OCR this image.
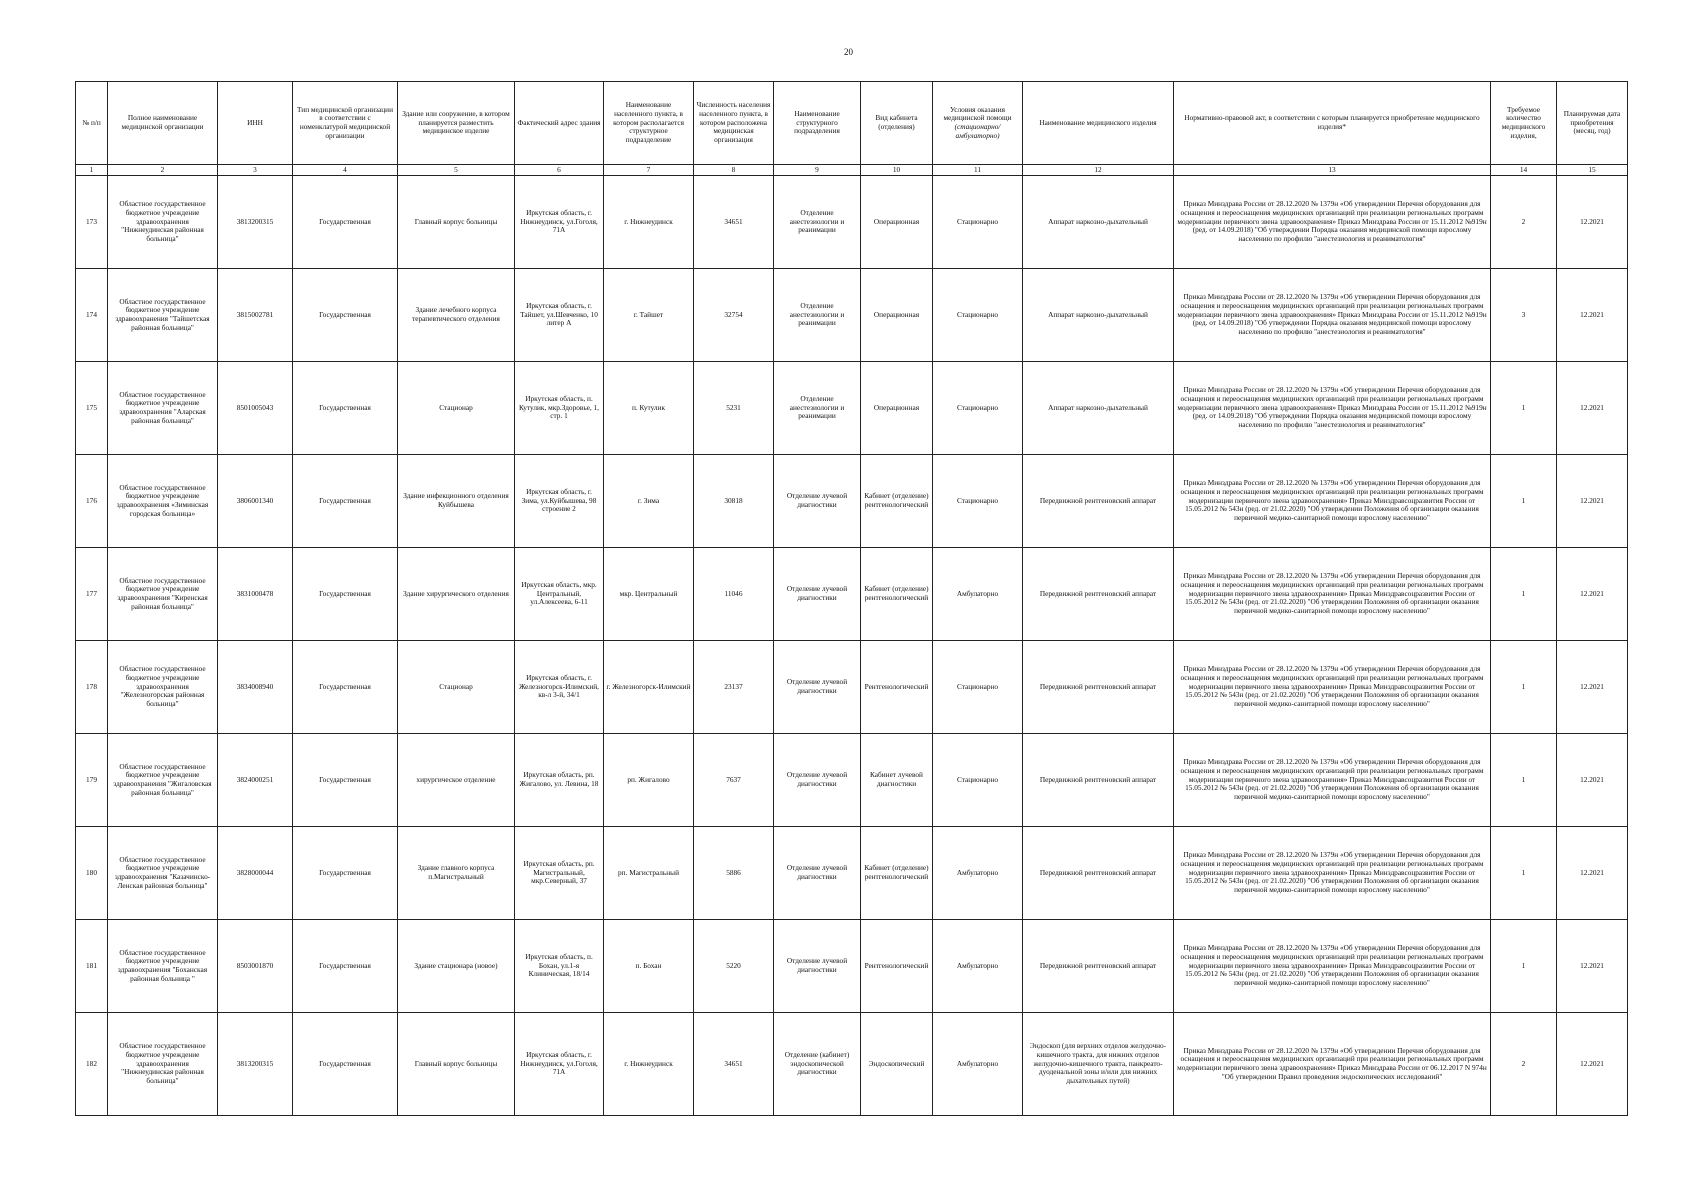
20
№ п/п	Полное наименование медицинской организации	ИНН	Тип медицинской организации в соответствии с номенклатурой медицинской организации	Здание или сооружение, в котором планируется разместить медицинское изделие	Фактический адрес здания	Наименование населенного пункта, в котором располагается структурное подразделение	Численность населения населенного пункта, в котором расположена медицинская организация	Наименование структурного подразделения	Вид кабинета (отделения)	Условия оказания медицинской помощи (стационарно/амбулаторно)	Наименование медицинского изделия	Нормативно-правовой акт, в соответствии с которым планируется приобретение медицинского изделия*	Требуемое количество медицинского изделия,	Планируемая дата приобретения (месяц, год)
1	2	3	4	5	6	7	8	9	10	11	12	13	14	15
173	Областное государственное бюджетное учреждение здравоохранения "Нижнеудинская районная больница"	3813200315	Государственная	Главный корпус больницы	Иркутская область, г. Нижнеудинск, ул.Гоголя, 71А	г. Нижнеудинск	34651	Отделение анестезиологии и реанимации	Операционная	Стационарно	Аппарат наркозно-дыхательный	Приказ Минздрава России от 28.12.2020 № 1379н «Об утверждении Перечня оборудования для оснащения и переоснащения медицинских организаций при реализации региональных программ модернизации первичного звена здравоохранения» Приказ Минздрава России от 15.11.2012 №919н (ред. от 14.09.2018) "Об утверждении Порядка оказания медицинской помощи взрослому населению по профилю "анестезиология и реаниматология"	2	12.2021
174	Областное государственное бюджетное учреждение здравоохранения "Тайшетская районная больница"	3815002781	Государственная	Здание лечебного корпуса терапевтического отделения	Иркутская область, г. Тайшет, ул.Шевченко, 10 литер А	г. Тайшет	32754	Отделение анестезиологии и реанимации	Операционная	Стационарно	Аппарат наркозно-дыхательный	Приказ Минздрава России от 28.12.2020 № 1379н «Об утверждении Перечня оборудования для оснащения и переоснащения медицинских организаций при реализации региональных программ модернизации первичного звена здравоохранения» Приказ Минздрава России от 15.11.2012 №919н (ред. от 14.09.2018) "Об утверждении Порядка оказания медицинской помощи взрослому населению по профилю "анестезиология и реаниматология"	3	12.2021
175	Областное государственное бюджетное учреждение здравоохранения "Аларская районная больница"	8501005043	Государственная	Стационар	Иркутская область, п. Кутулик, мкр.Здоровье, 1, стр. 1	п. Кутулик	5231	Отделение анестезиологии и реанимации	Операционная	Стационарно	Аппарат наркозно-дыхательный	Приказ Минздрава России от 28.12.2020 № 1379н «Об утверждении Перечня оборудования для оснащения и переоснащения медицинских организаций при реализации региональных программ модернизации первичного звена здравоохранения» Приказ Минздрава России от 15.11.2012 №919н (ред. от 14.09.2018) "Об утверждении Порядка оказания медицинской помощи взрослому населению по профилю "анестезиология и реаниматология"	1	12.2021
176	Областное государственное бюджетное учреждение здравоохранения «Зиминская городская больница»	3806001340	Государственная	Здание инфекционного отделения Куйбышева	Иркутская область, г. Зима, ул.Куйбышева, 98 строение 2	г. Зима	30818	Отделение лучевой диагностики	Кабинет (отделение) рентгенологический	Стационарно	Передвижной рентгеновский аппарат	Приказ Минздрава России от 28.12.2020 № 1379н «Об утверждении Перечня оборудования для оснащения и переоснащения медицинских организаций при реализации региональных программ модернизации первичного звена здравоохранения» Приказ Минздравсоцразвития России от 15.05.2012 № 543н (ред. от 21.02.2020) "Об утверждении Положения об организации оказания первичной медико-санитарной помощи взрослому населению"	1	12.2021
177	Областное государственное бюджетное учреждение здравоохранения "Киренская районная больница"	3831000478	Государственная	Здание хирургического отделения	Иркутская область, мкр. Центральный, ул.Алексеева, 6-11	мкр. Центральный	11046	Отделение лучевой диагностики	Кабинет (отделение) рентгенологический	Амбулаторно	Передвижной рентгеновский аппарат	Приказ Минздрава России от 28.12.2020 № 1379н «Об утверждении Перечня оборудования для оснащения и переоснащения медицинских организаций при реализации региональных программ модернизации первичного звена здравоохранения» Приказ Минздравсоцразвития России от 15.05.2012 № 543н (ред. от 21.02.2020) "Об утверждении Положения об организации оказания первичной медико-санитарной помощи взрослому населению"	1	12.2021
178	Областное государственное бюджетное учреждение здравоохранения "Железногорская районная больница"	3834008940	Государственная	Стационар	Иркутская область, г. Железногорск-Илимский, кв-л 3-й, 34/1	г. Железногорск-Илимский	23137	Отделение лучевой диагностики	Рентгенологический	Стационарно	Передвижной рентгеновский аппарат	Приказ Минздрава России от 28.12.2020 № 1379н «Об утверждении Перечня оборудования для оснащения и переоснащения медицинских организаций при реализации региональных программ модернизации первичного звена здравоохранения» Приказ Минздравсоцразвития России от 15.05.2012 № 543н (ред. от 21.02.2020) "Об утверждении Положения об организации оказания первичной медико-санитарной помощи взрослому населению"	1	12.2021
179	Областное государственное бюджетное учреждение здравоохранения "Жигаловская районная больница"	3824000251	Государственная	хирургическое отделение	Иркутская область, рп. Жигалово, ул. Левина, 18	рп. Жигалово	7637	Отделение лучевой диагностики	Кабинет лучевой диагностики	Стационарно	Передвижной рентгеновский аппарат	Приказ Минздрава России от 28.12.2020 № 1379н «Об утверждении Перечня оборудования для оснащения и переоснащения медицинских организаций при реализации региональных программ модернизации первичного звена здравоохранения» Приказ Минздравсоцразвития России от 15.05.2012 № 543н (ред. от 21.02.2020) "Об утверждении Положения об организации оказания первичной медико-санитарной помощи взрослому населению"	1	12.2021
180	Областное государственное бюджетное учреждение здравоохранения "Казачинско-Ленская районная больница"	3828000044	Государственная	Здание главного корпуса п.Магистральный	Иркутская область, рп. Магистральный, мкр.Северный, 37	рп. Магистральный	5886	Отделение лучевой диагностики	Кабинет (отделение) рентгенологический	Амбулаторно	Передвижной рентгеновский аппарат	Приказ Минздрава России от 28.12.2020 № 1379н «Об утверждении Перечня оборудования для оснащения и переоснащения медицинских организаций при реализации региональных программ модернизации первичного звена здравоохранения» Приказ Минздравсоцразвития России от 15.05.2012 № 543н (ред. от 21.02.2020) "Об утверждении Положения об организации оказания первичной медико-санитарной помощи взрослому населению"	1	12.2021
181	Областное государственное бюджетное учреждение здравоохранения "Боханская районная больница "	8503001870	Государственная	Здание стационара (новое)	Иркутская область, п. Бохан, ул.1-я Клиническая, 18/14	п. Бохан	5220	Отделение лучевой диагностики	Рентгенологический	Амбулаторно	Передвижной рентгеновский аппарат	Приказ Минздрава России от 28.12.2020 № 1379н «Об утверждении Перечня оборудования для оснащения и переоснащения медицинских организаций при реализации региональных программ модернизации первичного звена здравоохранения» Приказ Минздравсоцразвития России от 15.05.2012 № 543н (ред. от 21.02.2020) "Об утверждении Положения об организации оказания первичной медико-санитарной помощи взрослому населению"	1	12.2021
182	Областное государственное бюджетное учреждение здравоохранения "Нижнеудинская районная больница"	3813200315	Государственная	Главный корпус больницы	Иркутская область, г. Нижнеудинск, ул.Гоголя, 71А	г. Нижнеудинск	34651	Отделение (кабинет) эндоскопической диагностики	Эндоскопический	Амбулаторно	Эндоскоп (для верхних отделов желудочно-кишечного тракта, для нижних отделов желудочно-кишечного тракта, панкреато-дуоденальной зоны и/или для нижних дыхательных путей)	Приказ Минздрава России от 28.12.2020 № 1379н «Об утверждении Перечня оборудования для оснащения и переоснащения медицинских организаций при реализации региональных программ модернизации первичного звена здравоохранения» Приказ Минздрава России от 06.12.2017 N 974н "Об утверждении Правил проведения эндоскопических исследований"	2	12.2021
